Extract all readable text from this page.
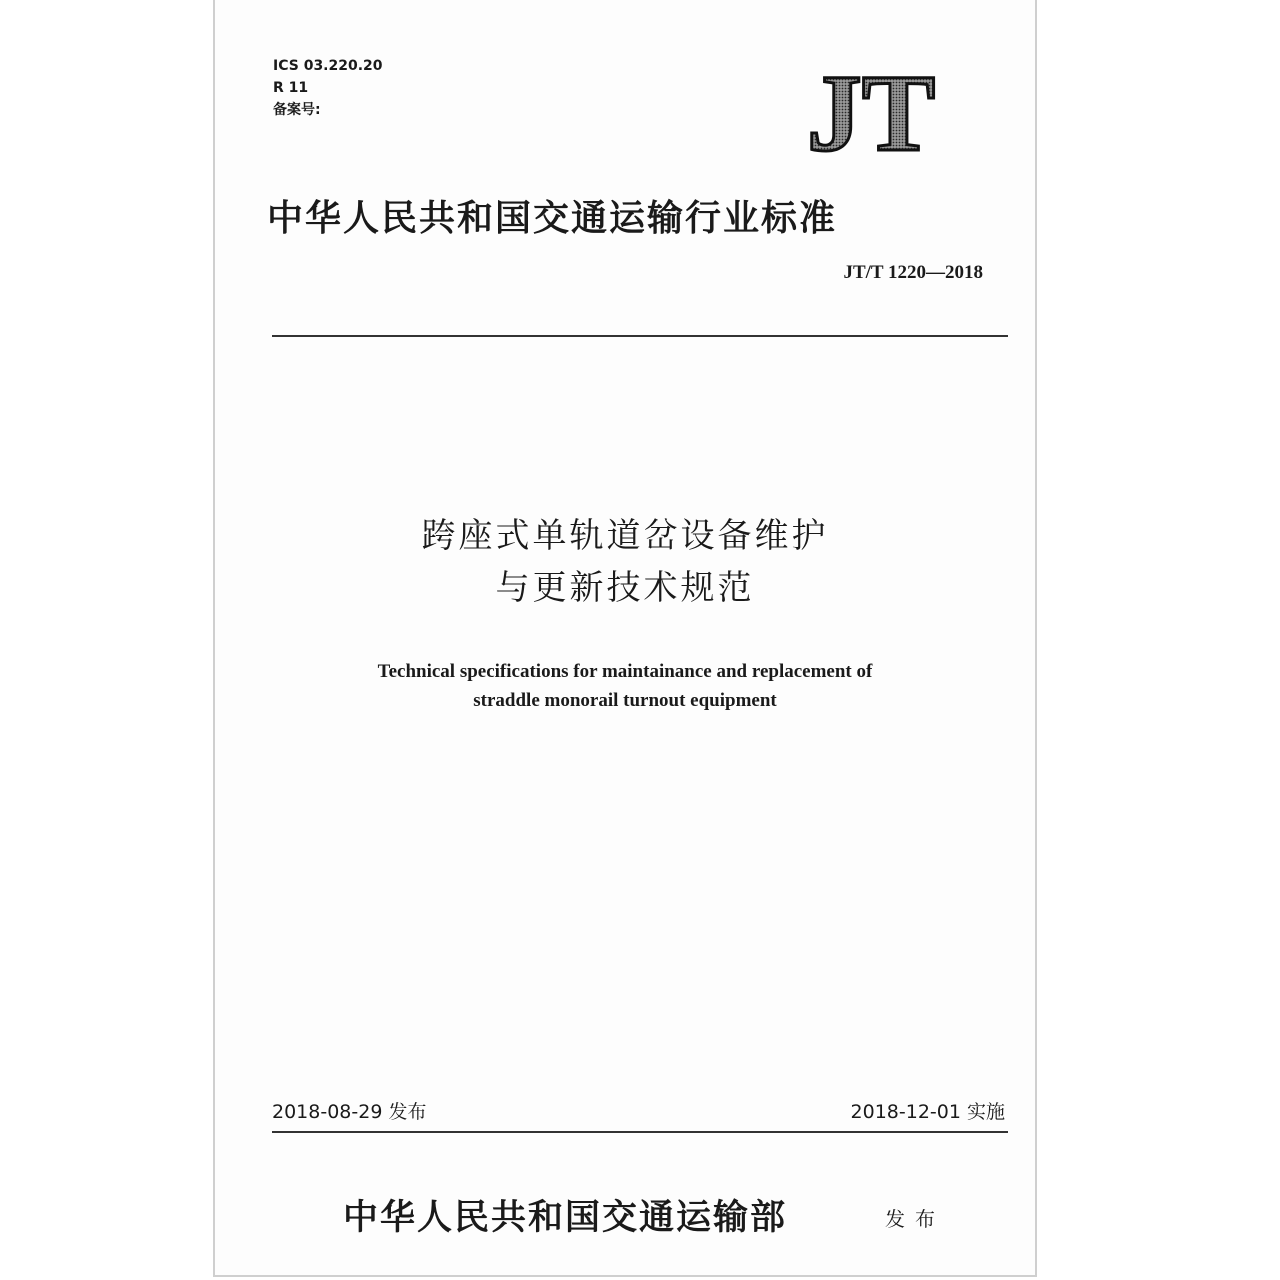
ICS 03.220.20
R 11
备案号:	JT
中华人民共和国交通运输行业标准
JT/T 1220—2018
跨座式单轨道岔设备维护
与更新技术规范
Technical specifications for maintainance and replacement of
straddle monorail turnout equipment
2018-08-29 发布	2018-12-01 实施
中华人民共和国交通运输部	发布
